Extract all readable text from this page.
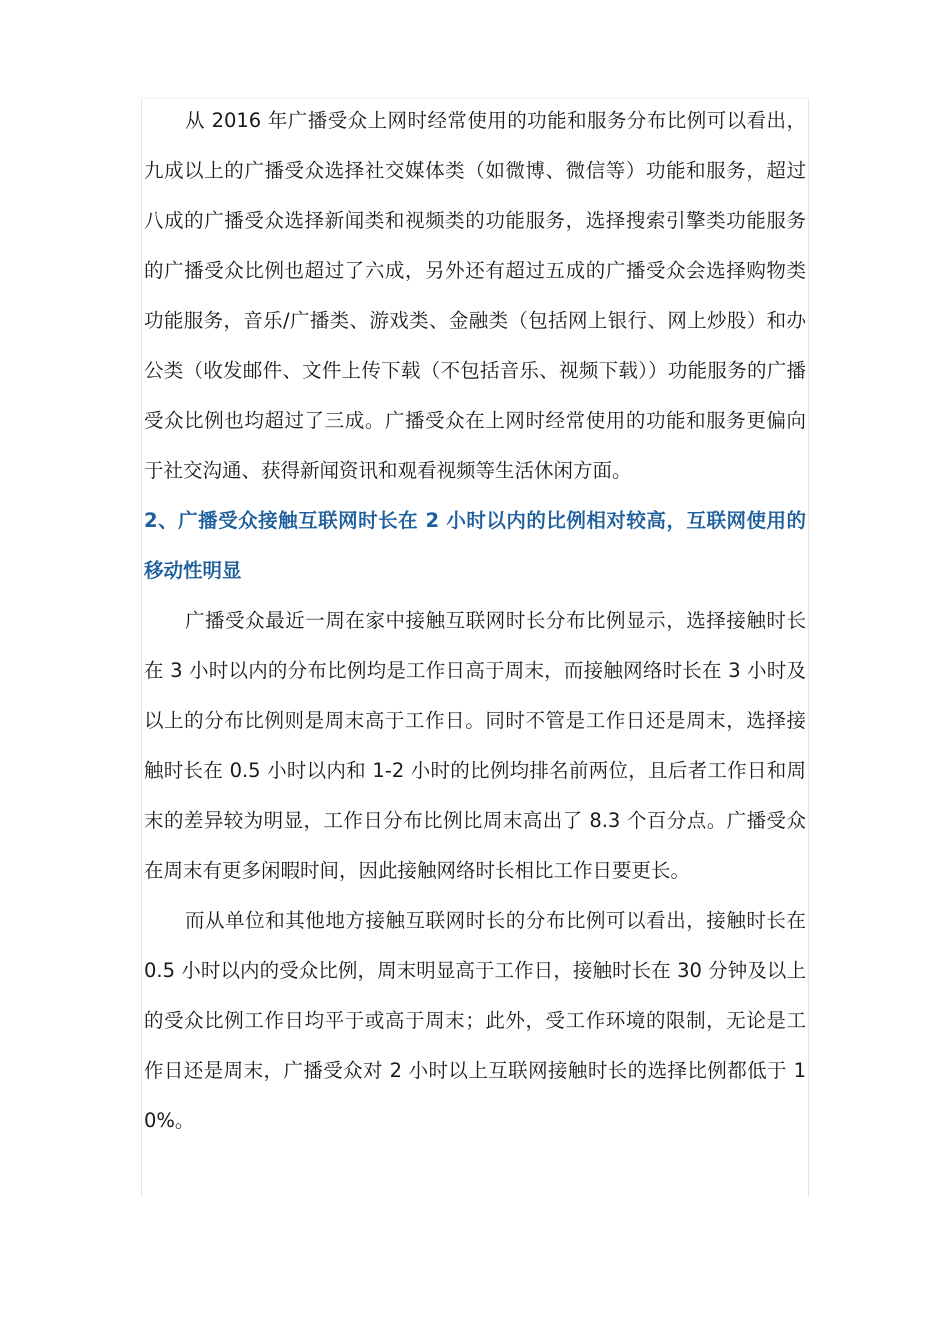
从 2016 年广播受众上网时经常使用的功能和服务分布比例可以看出，九成以上的广播受众选择社交媒体类（如微博、微信等）功能和服务，超过八成的广播受众选择新闻类和视频类的功能服务，选择搜索引擎类功能服务的广播受众比例也超过了六成，另外还有超过五成的广播受众会选择购物类功能服务，音乐/广播类、游戏类、金融类（包括网上银行、网上炒股）和办公类（收发邮件、文件上传下载（不包括音乐、视频下载））功能服务的广播受众比例也均超过了三成。广播受众在上网时经常使用的功能和服务更偏向于社交沟通、获得新闻资讯和观看视频等生活休闲方面。

2、广播受众接触互联网时长在 2 小时以内的比例相对较高，互联网使用的移动性明显

广播受众最近一周在家中接触互联网时长分布比例显示，选择接触时长在 3 小时以内的分布比例均是工作日高于周末，而接触网络时长在 3 小时及以上的分布比例则是周末高于工作日。同时不管是工作日还是周末，选择接触时长在 0.5 小时以内和 1-2 小时的比例均排名前两位，且后者工作日和周末的差异较为明显，工作日分布比例比周末高出了 8.3 个百分点。广播受众在周末有更多闲暇时间，因此接触网络时长相比工作日要更长。

而从单位和其他地方接触互联网时长的分布比例可以看出，接触时长在 0.5 小时以内的受众比例，周末明显高于工作日，接触时长在 30 分钟及以上的受众比例工作日均平于或高于周末；此外，受工作环境的限制，无论是工作日还是周末，广播受众对 2 小时以上互联网接触时长的选择比例都低于 10%。
